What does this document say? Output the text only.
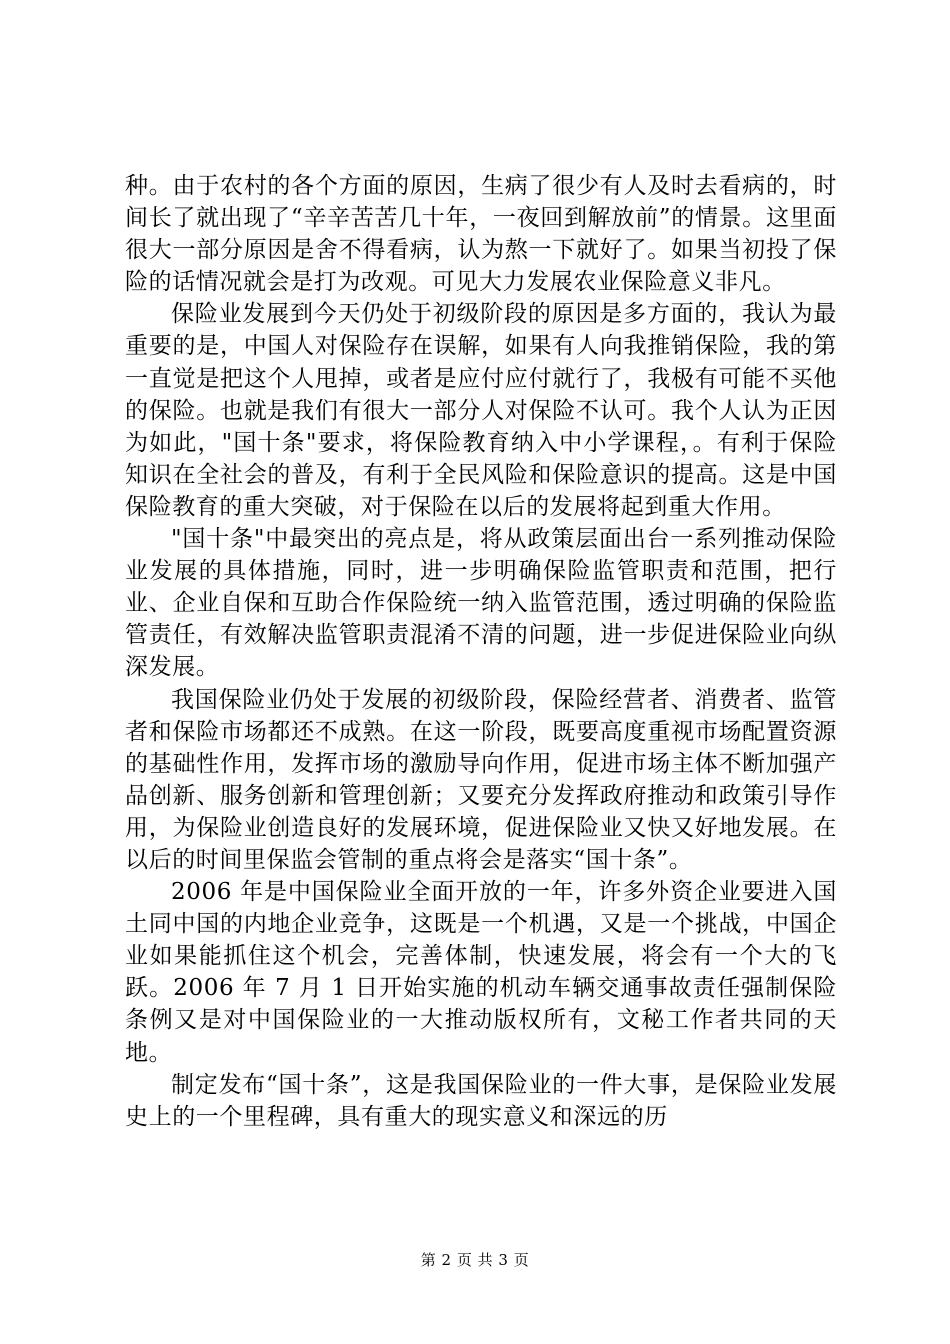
种。由于农村的各个方面的原因，生病了很少有人及时去看病的，时间长了就出现了“辛辛苦苦几十年，一夜回到解放前”的情景。这里面很大一部分原因是舍不得看病，认为熬一下就好了。如果当初投了保险的话情况就会是打为改观。可见大力发展农业保险意义非凡。

保险业发展到今天仍处于初级阶段的原因是多方面的，我认为最重要的是，中国人对保险存在误解，如果有人向我推销保险，我的第一直觉是把这个人甩掉，或者是应付应付就行了，我极有可能不买他的保险。也就是我们有很大一部分人对保险不认可。我个人认为正因为如此，"国十条"要求，将保险教育纳入中小学课程，。有利于保险知识在全社会的普及，有利于全民风险和保险意识的提高。这是中国保险教育的重大突破，对于保险在以后的发展将起到重大作用。

"国十条"中最突出的亮点是，将从政策层面出台一系列推动保险业发展的具体措施，同时，进一步明确保险监管职责和范围，把行业、企业自保和互助合作保险统一纳入监管范围，透过明确的保险监管责任，有效解决监管职责混淆不清的问题，进一步促进保险业向纵深发展。

我国保险业仍处于发展的初级阶段，保险经营者、消费者、监管者和保险市场都还不成熟。在这一阶段，既要高度重视市场配置资源的基础性作用，发挥市场的激励导向作用，促进市场主体不断加强产品创新、服务创新和管理创新；又要充分发挥政府推动和政策引导作用，为保险业创造良好的发展环境，促进保险业又快又好地发展。在以后的时间里保监会管制的重点将会是落实“国十条”。

2006 年是中国保险业全面开放的一年，许多外资企业要进入国土同中国的内地企业竞争，这既是一个机遇，又是一个挑战，中国企业如果能抓住这个机会，完善体制，快速发展，将会有一个大的飞跃。2006 年 7 月 1 日开始实施的机动车辆交通事故责任强制保险条例又是对中国保险业的一大推动版权所有，文秘工作者共同的天地。

制定发布“国十条”，这是我国保险业的一件大事，是保险业发展史上的一个里程碑，具有重大的现实意义和深远的历

第 2 页 共 3 页
